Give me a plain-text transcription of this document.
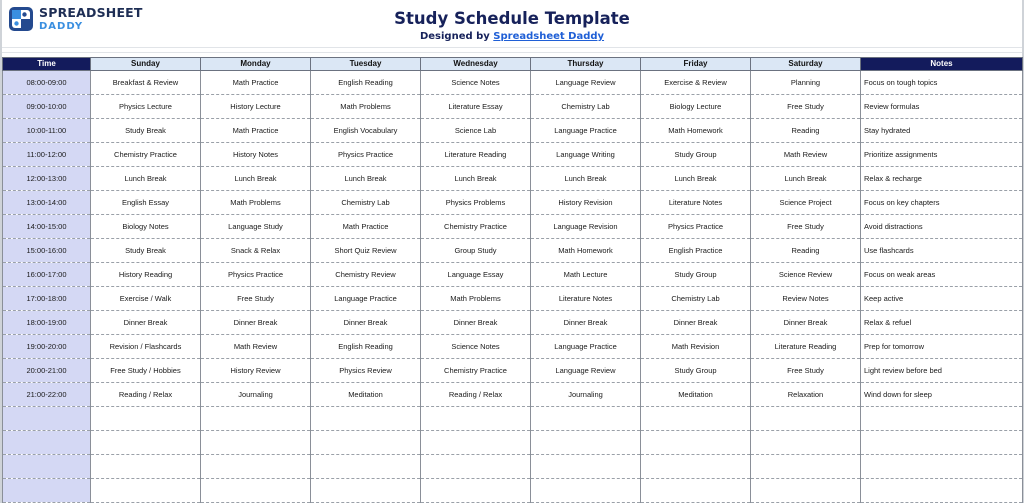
SPREADSHEET
DADDY	Study Schedule Template
Designed by Spreadsheet Daddy
Time	Sunday	Monday	Tuesday	Wednesday	Thursday	Friday	Saturday	Notes
08:00-09:00	Breakfast & Review	Math Practice	English Reading	Science Notes	Language Review	Exercise & Review	Planning	Focus on tough topics
09:00-10:00	Physics Lecture	History Lecture	Math Problems	Literature Essay	Chemistry Lab	Biology Lecture	Free Study	Review formulas
10:00-11:00	Study Break	Math Practice	English Vocabulary	Science Lab	Language Practice	Math Homework	Reading	Stay hydrated
11:00-12:00	Chemistry Practice	History Notes	Physics Practice	Literature Reading	Language Writing	Study Group	Math Review	Prioritize assignments
12:00-13:00	Lunch Break	Lunch Break	Lunch Break	Lunch Break	Lunch Break	Lunch Break	Lunch Break	Relax & recharge
13:00-14:00	English Essay	Math Problems	Chemistry Lab	Physics Problems	History Revision	Literature Notes	Science Project	Focus on key chapters
14:00-15:00	Biology Notes	Language Study	Math Practice	Chemistry Practice	Language Revision	Physics Practice	Free Study	Avoid distractions
15:00-16:00	Study Break	Snack & Relax	Short Quiz Review	Group Study	Math Homework	English Practice	Reading	Use flashcards
16:00-17:00	History Reading	Physics Practice	Chemistry Review	Language Essay	Math Lecture	Study Group	Science Review	Focus on weak areas
17:00-18:00	Exercise / Walk	Free Study	Language Practice	Math Problems	Literature Notes	Chemistry Lab	Review Notes	Keep active
18:00-19:00	Dinner Break	Dinner Break	Dinner Break	Dinner Break	Dinner Break	Dinner Break	Dinner Break	Relax & refuel
19:00-20:00	Revision / Flashcards	Math Review	English Reading	Science Notes	Language Practice	Math Revision	Literature Reading	Prep for tomorrow
20:00-21:00	Free Study / Hobbies	History Review	Physics Review	Chemistry Practice	Language Review	Study Group	Free Study	Light review before bed
21:00-22:00	Reading / Relax	Journaling	Meditation	Reading / Relax	Journaling	Meditation	Relaxation	Wind down for sleep
